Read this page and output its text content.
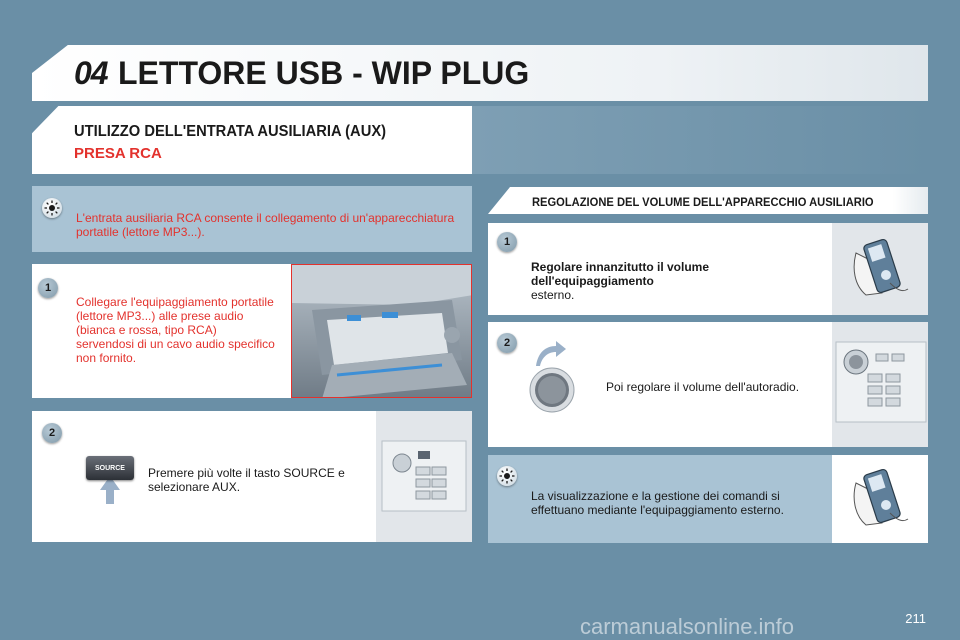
04 LETTORE USB - WIP PLUG
UTILIZZO DELL'ENTRATA AUSILIARIA (AUX)
PRESA RCA
L'entrata ausiliaria RCA consente il collegamento di un'apparecchiatura portatile (lettore MP3...).
1
Collegare l'equipaggiamento portatile (lettore MP3...) alle prese audio (bianca e rossa, tipo RCA) servendosi di un cavo audio specifico non fornito.
2
SOURCE	Premere più volte il tasto SOURCE e selezionare AUX.
REGOLAZIONE DEL VOLUME DELL'APPARECCHIO AUSILIARIO
1
Regolare innanzitutto il volume dell'equipaggiamento
esterno.
2
Poi regolare il volume dell'autoradio.
La visualizzazione e la gestione dei comandi si effettuano mediante l'equipaggiamento esterno.
carmanualsonline.info	211
